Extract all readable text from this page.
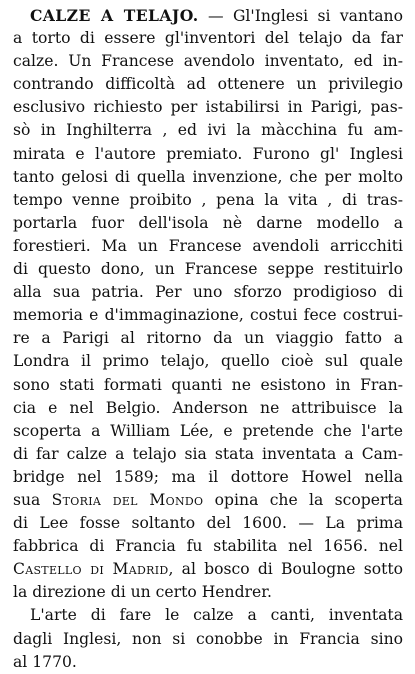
CALZE A TELAJO. — Gl'Inglesi si vantano
a torto di essere gl'inventori del telajo da far
calze. Un Francese avendolo inventato, ed in-
contrando difficoltà ad ottenere un privilegio
esclusivo richiesto per istabilirsi in Parigi, pas-
sò in Inghilterra , ed ivi la màcchina fu am-
mirata e l'autore premiato. Furono gl' Inglesi
tanto gelosi di quella invenzione, che per molto
tempo venne proibito , pena la vita , di tras-
portarla fuor dell'isola nè darne modello a
forestieri. Ma un Francese avendoli arricchiti
di questo dono, un Francese seppe restituirlo
alla sua patria. Per uno sforzo prodigioso di
memoria e d'immaginazione, costui fece costrui-
re a Parigi al ritorno da un viaggio fatto a
Londra il primo telajo, quello cioè sul quale
sono stati formati quanti ne esistono in Fran-
cia e nel Belgio. Anderson ne attribuisce la
scoperta a William Lée, e pretende che l'arte
di far calze a telajo sia stata inventata a Cam-
bridge nel 1589; ma il dottore Howel nella
sua Storia del Mondo opina che la scoperta
di Lee fosse soltanto del 1600. — La prima
fabbrica di Francia fu stabilita nel 1656. nel
Castello di Madrid, al bosco di Boulogne sotto
la direzione di un certo Hendrer.
L'arte di fare le calze a canti, inventata
dagli Inglesi, non si conobbe in Francia sino
al 1770.
